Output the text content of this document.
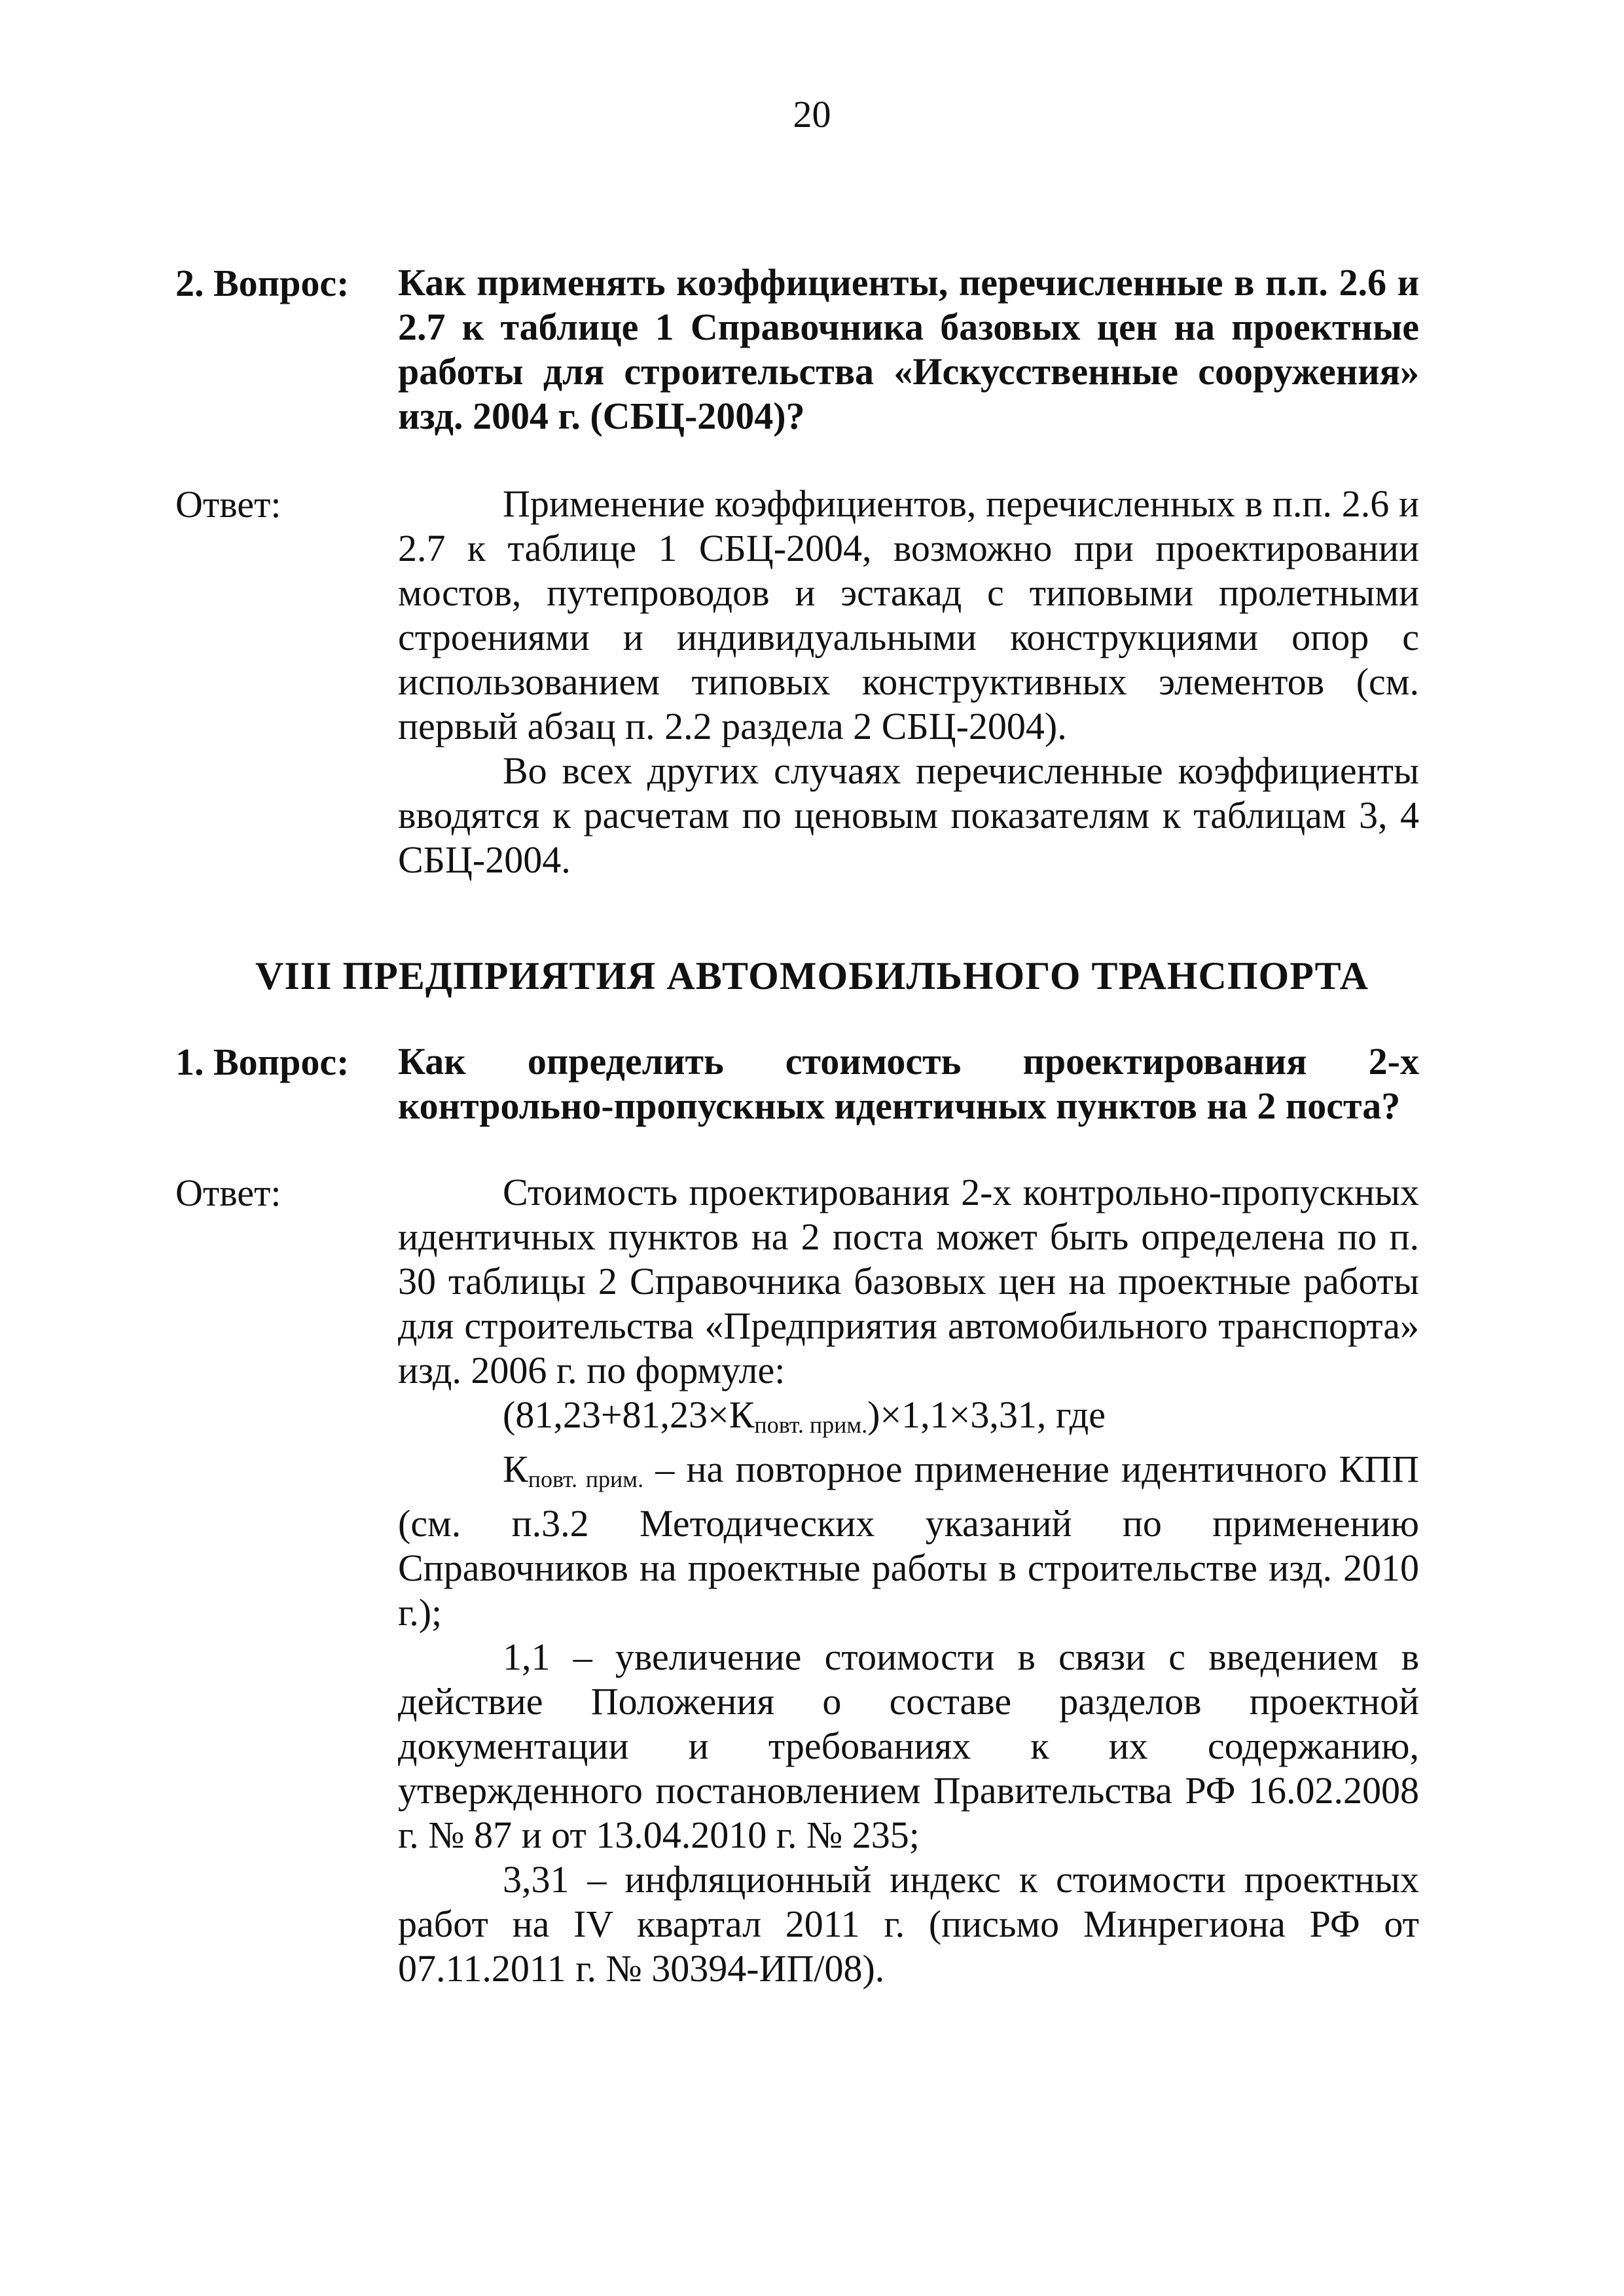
20
2. Вопрос:	Как применять коэффициенты, перечисленные в п.п. 2.6 и 2.7 к таблице 1 Справочника базовых цен на проектные работы для строительства «Искусственные сооружения» изд. 2004 г. (СБЦ-2004)?
Ответ:	Применение коэффициентов, перечисленных в п.п. 2.6 и 2.7 к таблице 1 СБЦ-2004, возможно при проектировании мостов, путепроводов и эстакад с типовыми пролетными строениями и индивидуальными конструкциями опор с использованием типовых конструктивных элементов (см. первый абзац п. 2.2 раздела 2 СБЦ-2004).

Во всех других случаях перечисленные коэффициенты вводятся к расчетам по ценовым показателям к таблицам 3, 4 СБЦ-2004.

VIII ПРЕДПРИЯТИЯ АВТОМОБИЛЬНОГО ТРАНСПОРТА
1. Вопрос:	Как определить стоимость проектирования 2-х контрольно-пропускных идентичных пунктов на 2 поста?
Ответ:	Стоимость проектирования 2-х контрольно-пропускных идентичных пунктов на 2 поста может быть определена по п. 30 таблицы 2 Справочника базовых цен на проектные работы для строительства «Предприятия автомобильного транспорта» изд. 2006 г. по формуле:

$(81,23+81,23\times К_{повт. прим.})\times 1,1\times 3,31$, где

$К_{повт. прим.}$ – на повторное применение идентичного КПП (см. п.3.2 Методических указаний по применению Справочников на проектные работы в строительстве изд. 2010 г.);

1,1 – увеличение стоимости в связи с введением в действие Положения о составе разделов проектной документации и требованиях к их содержанию, утвержденного постановлением Правительства РФ 16.02.2008 г. № 87 и от 13.04.2010 г. № 235;

3,31 – инфляционный индекс к стоимости проектных работ на IV квартал 2011 г. (письмо Минрегиона РФ от 07.11.2011 г. № 30394-ИП/08).
